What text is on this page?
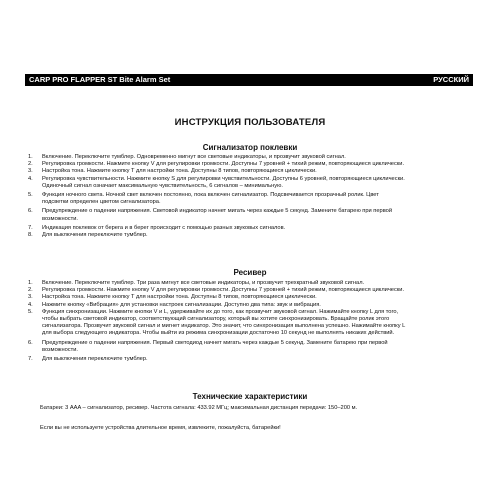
CARP PRO FLAPPER ST Bite Alarm Set	РУССКИЙ
ИНСТРУКЦИЯ ПОЛЬЗОВАТЕЛЯ
Сигнализатор поклевки
1. Включение. Переключите тумблер. Одновременно мигнут все световые индикаторы, и прозвучит звуковой сигнал.
2. Регулировка громкости. Нажмите кнопку V для регулировки громкости. Доступны 7 уровней + тихий режим, повторяющиеся циклически.
3. Настройка тона. Нажмите кнопку T для настройки тона. Доступны 8 типов, повторяющиеся циклически.
4. Регулировка чувствительности. Нажмите кнопку S для регулировки чувствительности. Доступны 6 уровней, повторяющиеся циклически.
Одиночный сигнал означает максимальную чувствительность, 6 сигналов – минимальную.
5. Функция ночного света. Ночной свет включен постоянно, пока включен сигнализатор. Подсвечивается прозрачный ролик. Цвет
подсветки определен цветом сигнализатора.
6. Предупреждение о падении напряжения. Световой индикатор начнет мигать через каждые 5 секунд. Замените батарею при первой
возможности.
7. Индикация поклевок от берега и в берег происходит с помощью разных звуковых сигналов.
8. Для выключения переключите тумблер.
Ресивер
1. Включение. Переключите тумблер. Три раза мигнут все световые индикаторы, и прозвучит трехкратный звуковой сигнал.
2. Регулировка громкости. Нажмите кнопку V для регулировки громкости. Доступны 7 уровней + тихий режим, повторяющиеся циклически.
3. Настройка тона. Нажмите кнопку T для настройки тона. Доступны 8 типов, повторяющиеся циклически.
4. Нажмите кнопку «Вибрация» для установки настроек сигнализации. Доступно два типа: звук и вибрация.
5. Функция синхронизации. Нажмите кнопки V и L, удерживайте их до того, как прозвучит звуковой сигнал. Нажимайте кнопку L для того,
чтобы выбрать световой индикатор, соответствующий сигнализатору, который вы хотите синхронизировать. Вращайте ролик этого
сигнализатора. Прозвучит звуковой сигнал и мигнет индикатор. Это значит, что синхронизация выполнена успешно. Нажимайте кнопку L
для выбора следующего индикатора. Чтобы выйти из режима синхронизации достаточно 10 секунд не выполнять никаких действий.
6. Предупреждение о падении напряжения. Первый светодиод начнет мигать через каждые 5 секунд. Замените батарею при первой
возможности.
7. Для выключения переключите тумблер.
Технические характеристики
Батареи: 3 AAA – сигнализатор, ресивер. Частота сигнала: 433.92 МГц; максимальная дистанция передачи: 150–200 м.
Если вы не используете устройства длительное время, извлеките, пожалуйста, батарейки!
